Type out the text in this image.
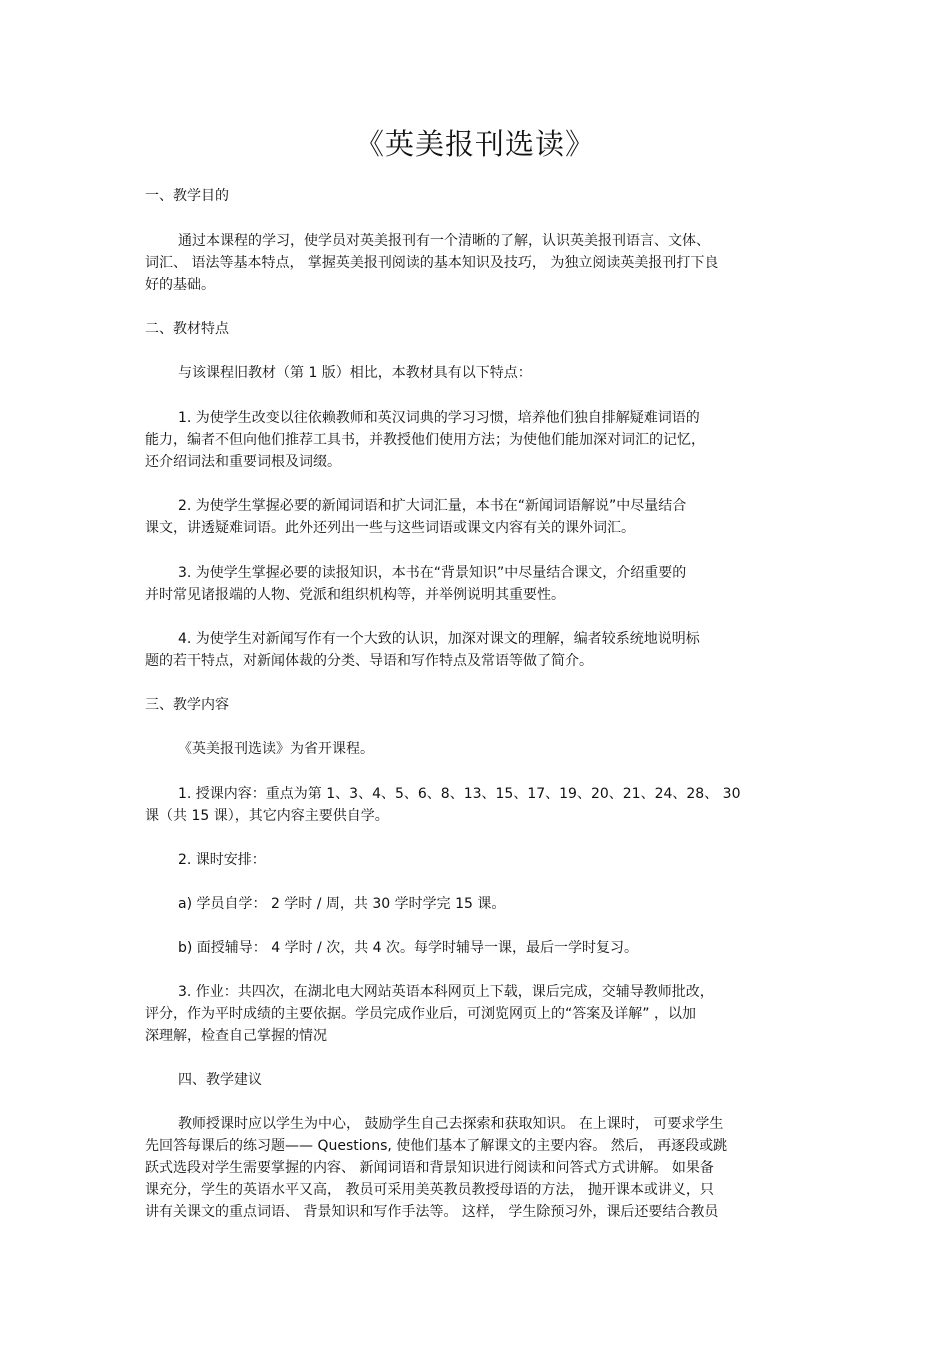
《英美报刊选读》
一、教学目的
通过本课程的学习，使学员对英美报刊有一个清晰的了解，认识英美报刊语言、文体、
词汇、 语法等基本特点， 掌握英美报刊阅读的基本知识及技巧， 为独立阅读英美报刊打下良
好的基础。
二、教材特点
与该课程旧教材（第 1 版）相比，本教材具有以下特点：
1. 为使学生改变以往依赖教师和英汉词典的学习习惯，培养他们独自排解疑难词语的
能力，编者不但向他们推荐工具书，并教授他们使用方法；为使他们能加深对词汇的记忆，
还介绍词法和重要词根及词缀。
2. 为使学生掌握必要的新闻词语和扩大词汇量，本书在“新闻词语解说”中尽量结合
课文，讲透疑难词语。此外还列出一些与这些词语或课文内容有关的课外词汇。
3. 为使学生掌握必要的读报知识，本书在“背景知识”中尽量结合课文，介绍重要的
并时常见诸报端的人物、党派和组织机构等，并举例说明其重要性。
4. 为使学生对新闻写作有一个大致的认识，加深对课文的理解，编者较系统地说明标
题的若干特点，对新闻体裁的分类、导语和写作特点及常语等做了简介。
三、教学内容
《英美报刊选读》为省开课程。
1. 授课内容：重点为第 1、3、4、5、6、8、13、15、17、19、20、21、24、28、 30
课（共 15 课），其它内容主要供自学。
2. 课时安排：
a) 学员自学： 2 学时 / 周，共 30 学时学完 15 课。
b) 面授辅导： 4 学时 / 次，共 4 次。每学时辅导一课，最后一学时复习。
3. 作业：共四次，在湖北电大网站英语本科网页上下载，课后完成，交辅导教师批改，
评分，作为平时成绩的主要依据。学员完成作业后，可浏览网页上的“答案及详解” ，以加
深理解，检查自己掌握的情况
四、教学建议
教师授课时应以学生为中心， 鼓励学生自己去探索和获取知识。 在上课时， 可要求学生
先回答每课后的练习题—— Questions, 使他们基本了解课文的主要内容。 然后， 再逐段或跳
跃式选段对学生需要掌握的内容、 新闻词语和背景知识进行阅读和问答式方式讲解。 如果备
课充分，学生的英语水平又高， 教员可采用美英教员教授母语的方法， 抛开课本或讲义，只
讲有关课文的重点词语、 背景知识和写作手法等。 这样， 学生除预习外，课后还要结合教员
